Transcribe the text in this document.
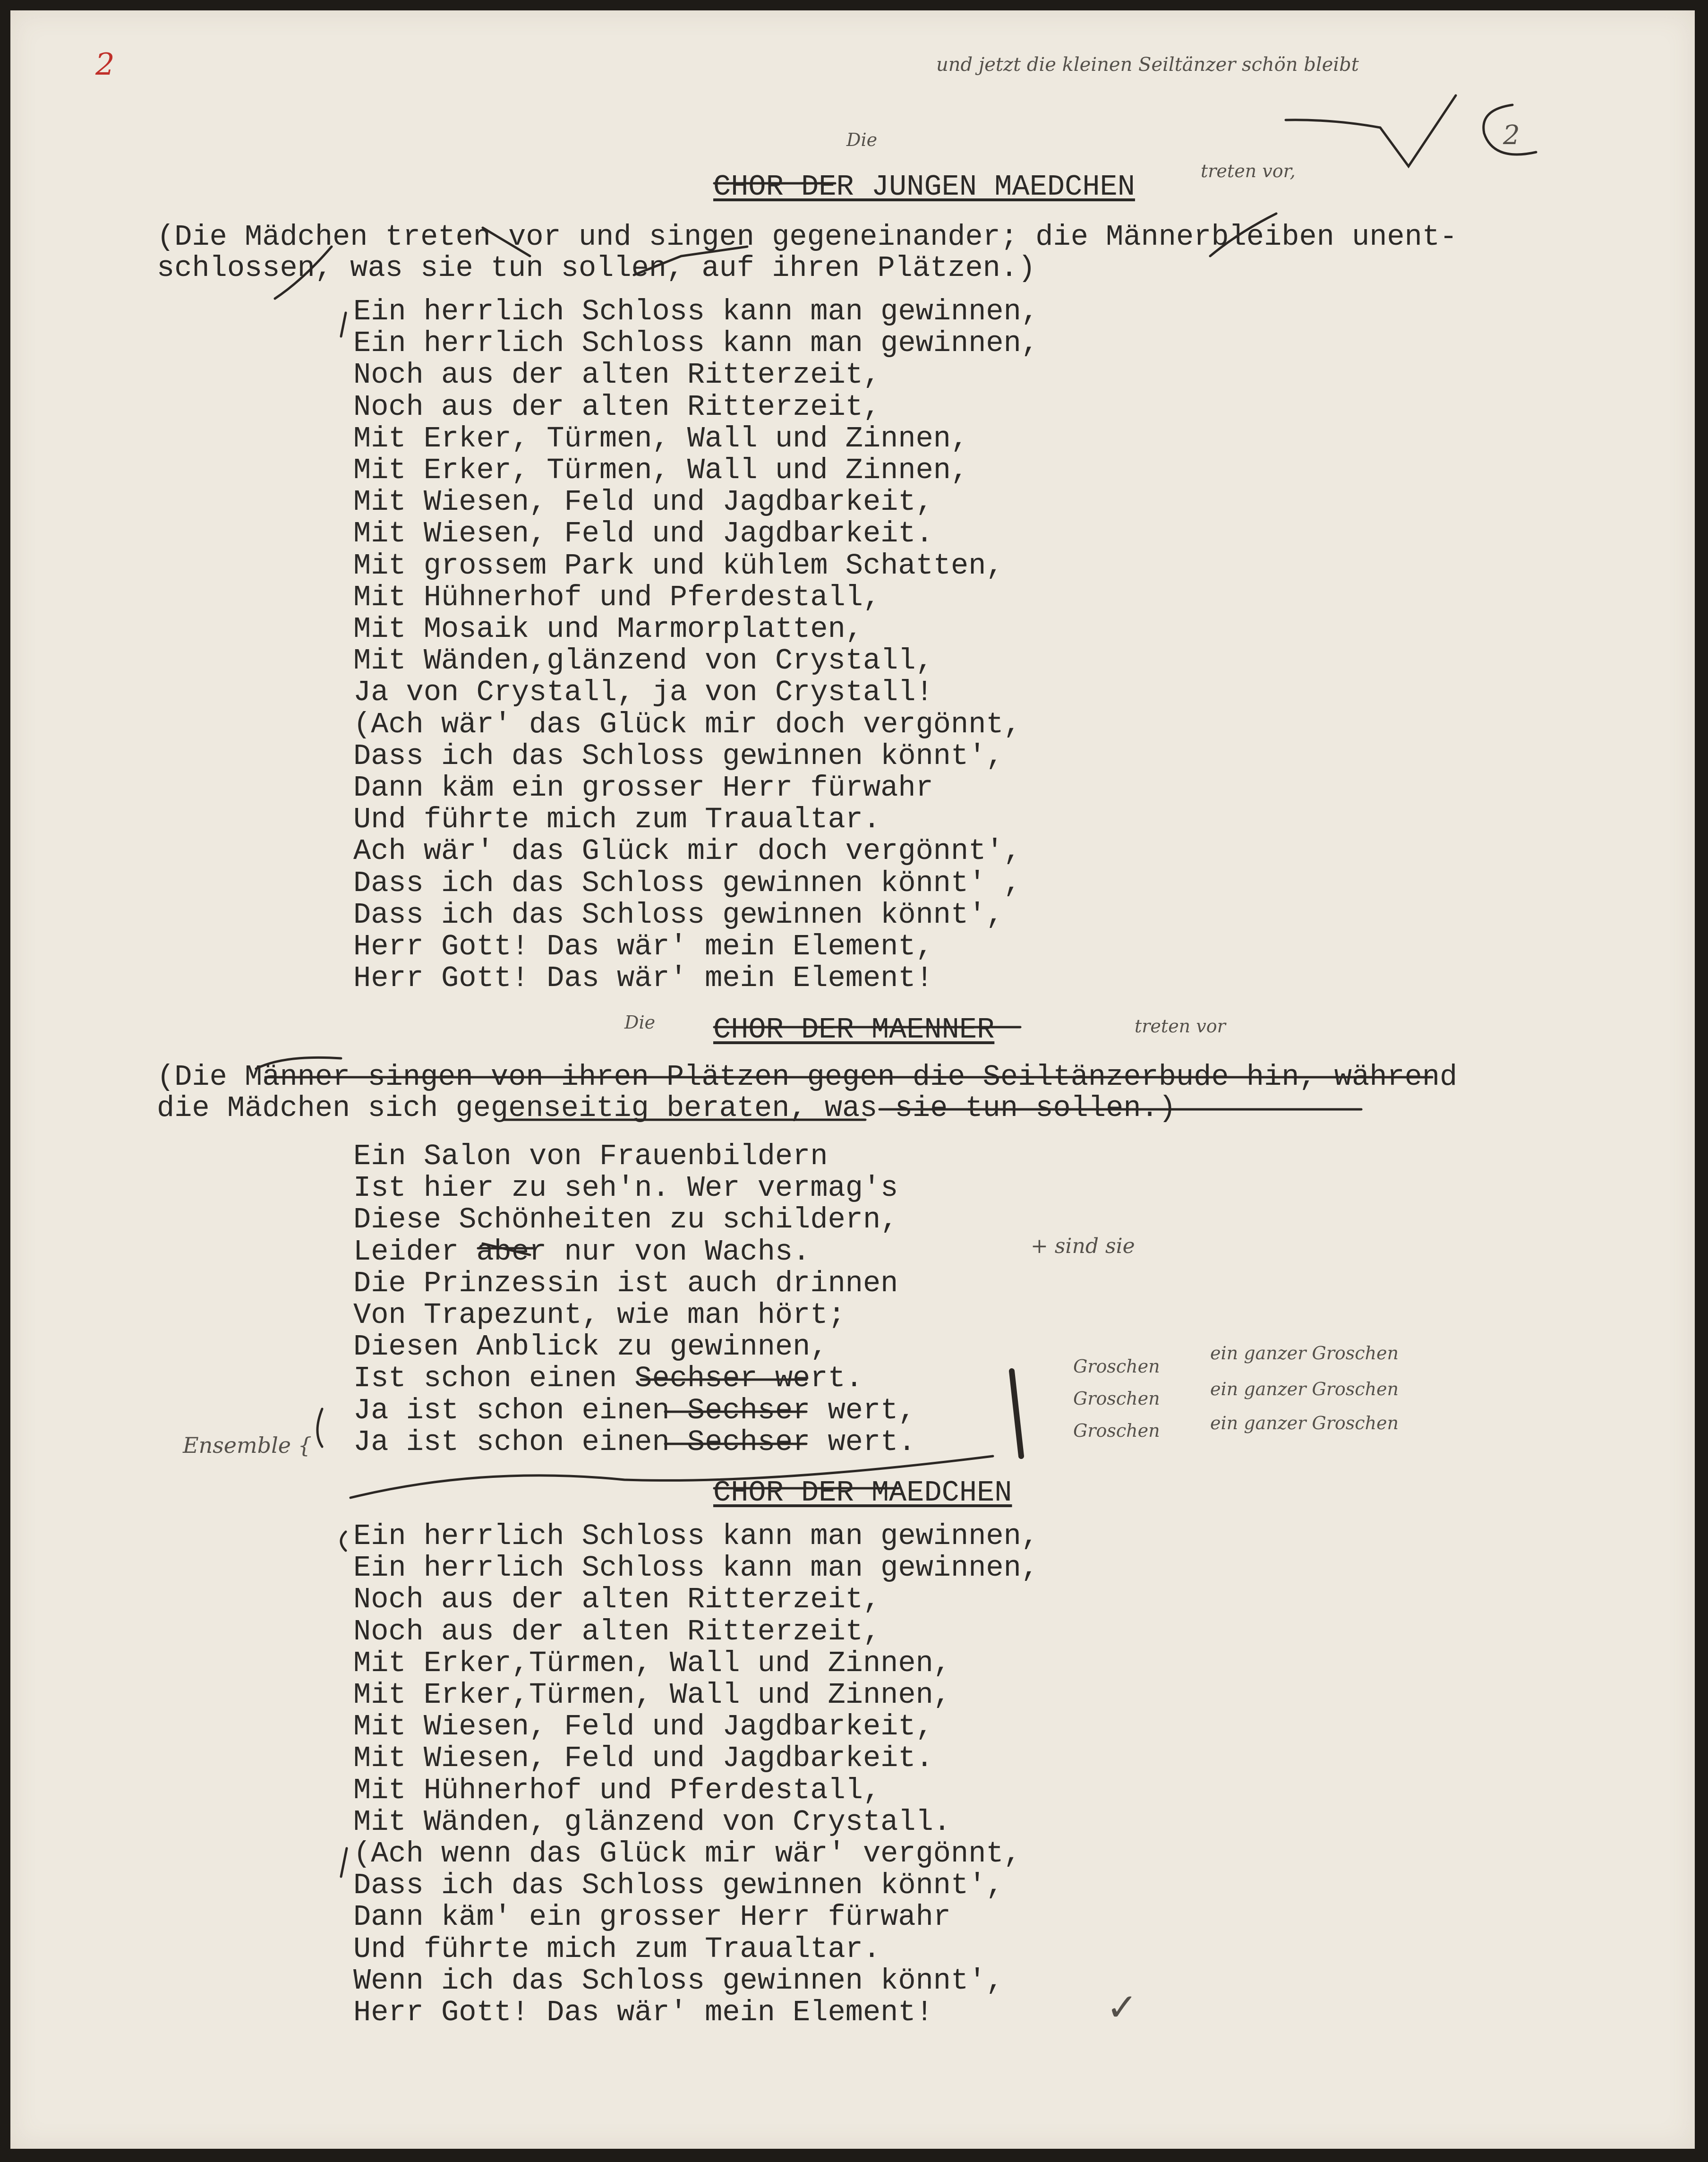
2	und jetzt die kleinen Seiltänzer schön bleibt
treten vor,
2
Die
Die	treten vor
+ sind sie
Groschen
Groschen
Groschen
ein ganzer Groschen
ein ganzer Groschen
ein ganzer Groschen
Ensemble {
✓
CHOR DER JUNGEN MAEDCHEN
(Die Mädchen treten vor und singen gegeneinander; die Männerbleiben unent-
schlossen, was sie tun sollen, auf ihren Plätzen.)
Ein herrlich Schloss kann man gewinnen,
Ein herrlich Schloss kann man gewinnen,
Noch aus der alten Ritterzeit,
Noch aus der alten Ritterzeit,
Mit Erker, Türmen, Wall und Zinnen,
Mit Erker, Türmen, Wall und Zinnen,
Mit Wiesen, Feld und Jagdbarkeit,
Mit Wiesen, Feld und Jagdbarkeit.
Mit grossem Park und kühlem Schatten,
Mit Hühnerhof und Pferdestall,
Mit Mosaik und Marmorplatten,
Mit Wänden,glänzend von Crystall,
Ja von Crystall, ja von Crystall!
(Ach wär' das Glück mir doch vergönnt,
Dass ich das Schloss gewinnen könnt',
Dann käm ein grosser Herr fürwahr
Und führte mich zum Traualtar.
Ach wär' das Glück mir doch vergönnt',
Dass ich das Schloss gewinnen könnt' ,
Dass ich das Schloss gewinnen könnt',
Herr Gott! Das wär' mein Element,
Herr Gott! Das wär' mein Element!
CHOR DER MAENNER
(Die Männer singen von ihren Plätzen gegen die Seiltänzerbude hin, während
die Mädchen sich gegenseitig beraten, was sie tun sollen.)
Ein Salon von Frauenbildern
Ist hier zu seh'n. Wer vermag's
Diese Schönheiten zu schildern,
Leider aber nur von Wachs.
Die Prinzessin ist auch drinnen
Von Trapezunt, wie man hört;
Diesen Anblick zu gewinnen,
Ist schon einen Sechser wert.
Ja ist schon einen Sechser wert,
Ja ist schon einen Sechser wert.
CHOR DER MAEDCHEN
Ein herrlich Schloss kann man gewinnen,
Ein herrlich Schloss kann man gewinnen,
Noch aus der alten Ritterzeit,
Noch aus der alten Ritterzeit,
Mit Erker,Türmen, Wall und Zinnen,
Mit Erker,Türmen, Wall und Zinnen,
Mit Wiesen, Feld und Jagdbarkeit,
Mit Wiesen, Feld und Jagdbarkeit.
Mit Hühnerhof und Pferdestall,
Mit Wänden, glänzend von Crystall.
(Ach wenn das Glück mir wär' vergönnt,
Dass ich das Schloss gewinnen könnt',
Dann käm' ein grosser Herr fürwahr
Und führte mich zum Traualtar.
Wenn ich das Schloss gewinnen könnt',
Herr Gott! Das wär' mein Element!
